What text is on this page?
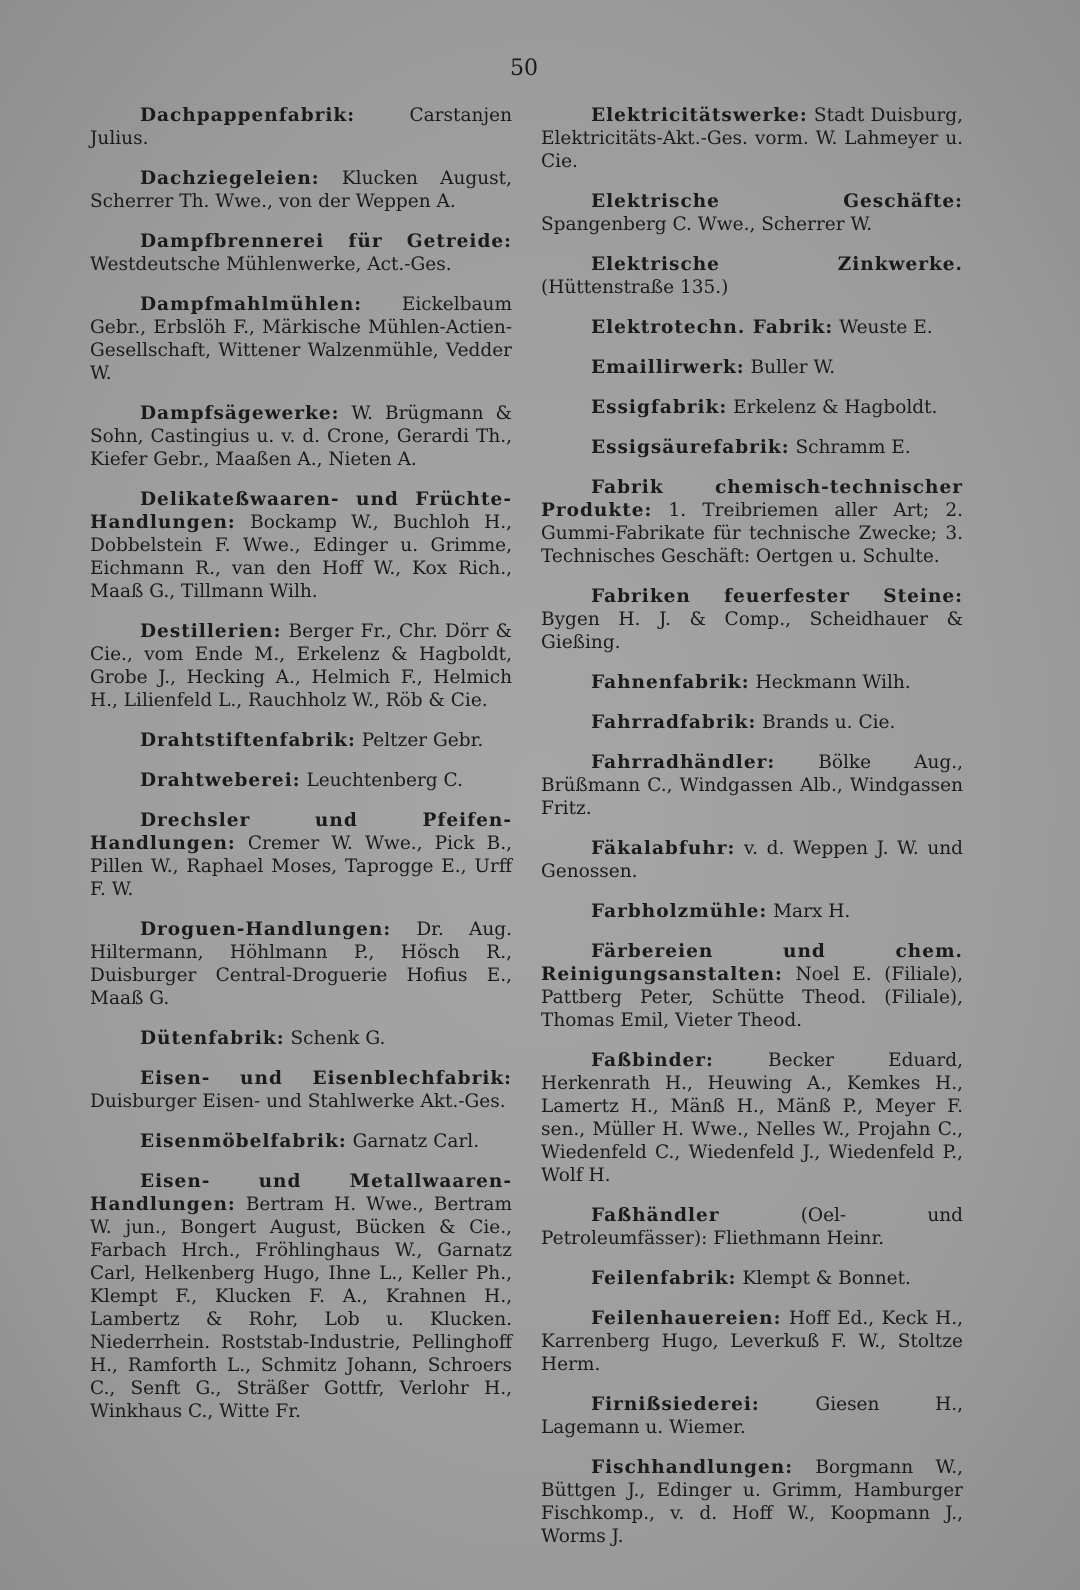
50

Dachpappenfabrik:	Carstanjen Julius.

Dachziegeleien: Klucken August, Scherrer Th. Wwe., von der Weppen A.

Dampfbrennerei für Getreide: Westdeutsche Mühlenwerke, Act.-Ges.

Dampfmahlmühlen: Eickelbaum Gebr., Erbslöh F., Märkische Mühlen-Actien-Gesellschaft, Wittener Walzenmühle, Vedder W.

Dampfsägewerke: W. Brügmann & Sohn, Castingius u. v. d. Crone, Gerardi Th., Kiefer Gebr., Maaßen A., Nieten A.

Delikateßwaaren- und Früchte-Handlungen: Bockamp W., Buchloh H., Dobbelstein F. Wwe., Edinger u. Grimme, Eichmann R., van den Hoff W., Kox Rich., Maaß G., Tillmann Wilh.

Destillerien: Berger Fr., Chr. Dörr & Cie., vom Ende M., Erkelenz & Hagboldt, Grobe J., Hecking A., Helmich F., Helmich H., Lilienfeld L., Rauchholz W., Röb & Cie.

Drahtstiftenfabrik: Peltzer Gebr.

Drahtweberei: Leuchtenberg C.

Drechsler und Pfeifen-Handlungen: Cremer W. Wwe., Pick B., Pillen W., Raphael Moses, Taprogge E., Urff F. W.

Droguen-Handlungen: Dr. Aug. Hiltermann, Höhlmann P., Hösch R., Duisburger Central-Droguerie Hofius E., Maaß G.

Dütenfabrik: Schenk G.

Eisen- und Eisenblechfabrik: Duisburger Eisen- und Stahlwerke Akt.-Ges.

Eisenmöbelfabrik: Garnatz Carl.

Eisen- und Metallwaaren-Handlungen: Bertram H. Wwe., Bertram W. jun., Bongert August, Bücken & Cie., Farbach Hrch., Fröhlinghaus W., Garnatz Carl, Helkenberg Hugo, Ihne L., Keller Ph., Klempt F., Klucken F. A., Krahnen H., Lambertz & Rohr, Lob u. Klucken. Niederrhein. Roststab-Industrie, Pellinghoff H., Ramforth L., Schmitz Johann, Schroers C., Senft G., Sträßer Gottfr, Verlohr H., Winkhaus C., Witte Fr.

Elektricitätswerke: Stadt Duisburg, Elektricitäts-Akt.-Ges. vorm. W. Lahmeyer u. Cie.

Elektrische Geschäfte: Spangenberg C. Wwe., Scherrer W.

Elektrische Zinkwerke. (Hüttenstraße 135.)

Elektrotechn. Fabrik: Weuste E.

Emaillirwerk: Buller W.

Essigfabrik: Erkelenz & Hagboldt.

Essigsäurefabrik: Schramm E.

Fabrik chemisch-technischer Produkte: 1. Treibriemen aller Art; 2. Gummi-Fabrikate für technische Zwecke; 3. Technisches Geschäft: Oertgen u. Schulte.

Fabriken feuerfester Steine: Bygen H. J. & Comp., Scheidhauer & Gießing.

Fahnenfabrik: Heckmann Wilh.

Fahrradfabrik: Brands u. Cie.

Fahrradhändler: Bölke Aug., Brüßmann C., Windgassen Alb., Windgassen Fritz.

Fäkalabfuhr: v. d. Weppen J. W. und Genossen.

Farbholzmühle: Marx H.

Färbereien und chem. Reinigungsanstalten: Noel E. (Filiale), Pattberg Peter, Schütte Theod. (Filiale), Thomas Emil, Vieter Theod.

Faßbinder:	Becker Eduard, Herkenrath H., Heuwing A., Kemkes H., Lamertz H., Mänß H., Mänß P., Meyer F. sen., Müller H. Wwe., Nelles W., Projahn C., Wiedenfeld C., Wiedenfeld J., Wiedenfeld P., Wolf H.

Faßhändler	(Oel- und Petroleumfässer): Fliethmann Heinr.

Feilenfabrik: Klempt & Bonnet.

Feilenhauereien: Hoff Ed., Keck H., Karrenberg Hugo, Leverkuß F. W., Stoltze Herm.

Firnißsiederei:	Giesen H., Lagemann u. Wiemer.

Fischhandlungen: Borgmann W., Büttgen J., Edinger u. Grimm, Hamburger Fischkomp., v. d. Hoff W., Koopmann J., Worms J.
